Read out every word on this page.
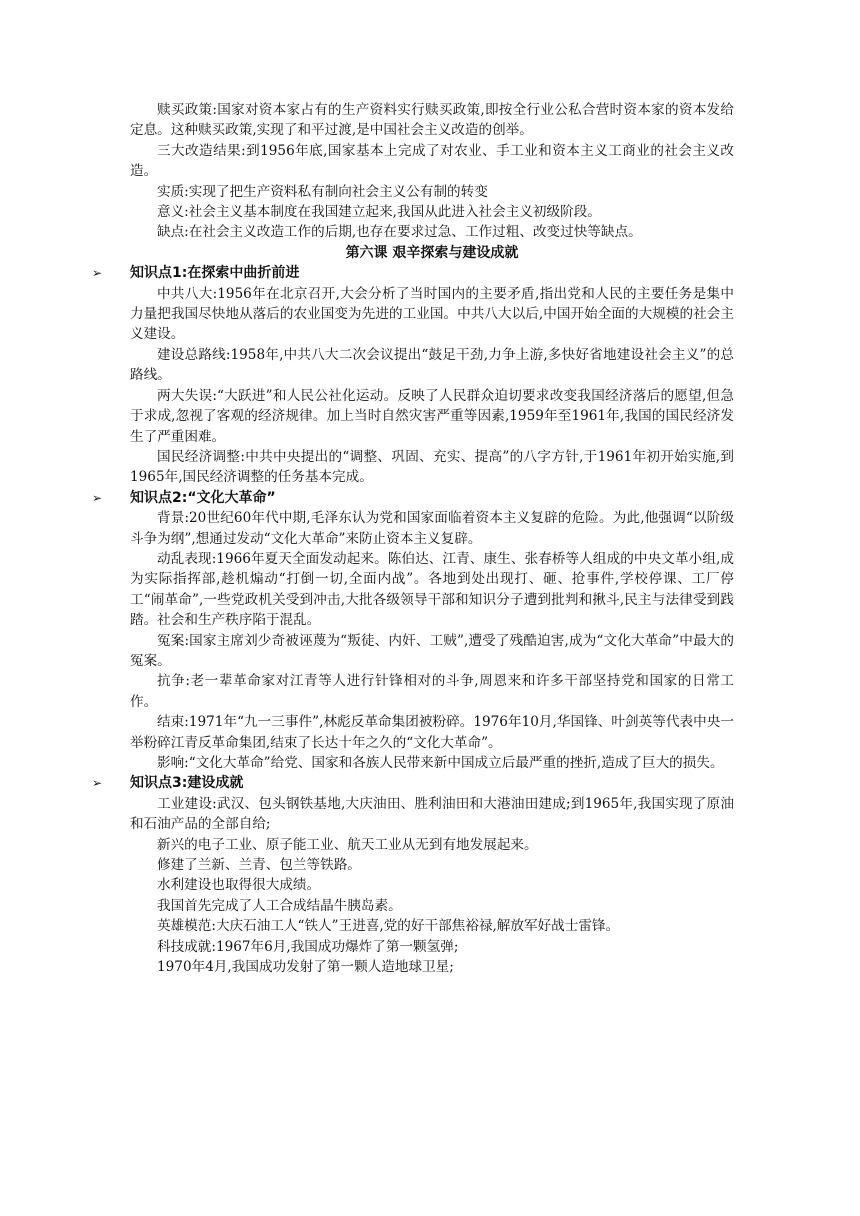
赎买政策:国家对资本家占有的生产资料实行赎买政策,即按全行业公私合营时资本家的资本发给定息。这种赎买政策,实现了和平过渡,是中国社会主义改造的创举。

三大改造结果:到1956年底,国家基本上完成了对农业、手工业和资本主义工商业的社会主义改造。

实质:实现了把生产资料私有制向社会主义公有制的转变

意义:社会主义基本制度在我国建立起来,我国从此进入社会主义初级阶段。

缺点:在社会主义改造工作的后期,也存在要求过急、工作过粗、改变过快等缺点。

第六课 艰辛探索与建设成就

➢ 知识点1:在探索中曲折前进

中共八大:1956年在北京召开,大会分析了当时国内的主要矛盾,指出党和人民的主要任务是集中力量把我国尽快地从落后的农业国变为先进的工业国。中共八大以后,中国开始全面的大规模的社会主义建设。

建设总路线:1958年,中共八大二次会议提出“鼓足干劲,力争上游,多快好省地建设社会主义”的总路线。

两大失误:“大跃进”和人民公社化运动。反映了人民群众迫切要求改变我国经济落后的愿望,但急于求成,忽视了客观的经济规律。加上当时自然灾害严重等因素,1959年至1961年,我国的国民经济发生了严重困难。

国民经济调整:中共中央提出的“调整、巩固、充实、提高”的八字方针,于1961年初开始实施,到1965年,国民经济调整的任务基本完成。

➢ 知识点2:“文化大革命”

背景:20世纪60年代中期,毛泽东认为党和国家面临着资本主义复辟的危险。为此,他强调“以阶级斗争为纲”,想通过发动“文化大革命”来防止资本主义复辟。

动乱表现:1966年夏天全面发动起来。陈伯达、江青、康生、张春桥等人组成的中央文革小组,成为实际指挥部,趁机煽动“打倒一切,全面内战”。各地到处出现打、砸、抢事件,学校停课、工厂停工“闹革命”,一些党政机关受到冲击,大批各级领导干部和知识分子遭到批判和揪斗,民主与法律受到践踏。社会和生产秩序陷于混乱。

冤案:国家主席刘少奇被诬蔑为“叛徒、内奸、工贼”,遭受了残酷迫害,成为“文化大革命”中最大的冤案。

抗争:老一辈革命家对江青等人进行针锋相对的斗争,周恩来和许多干部坚持党和国家的日常工作。

结束:1971年“九一三事件”,林彪反革命集团被粉碎。1976年10月,华国锋、叶剑英等代表中央一举粉碎江青反革命集团,结束了长达十年之久的“文化大革命”。

影响:“文化大革命”给党、国家和各族人民带来新中国成立后最严重的挫折,造成了巨大的损失。

➢ 知识点3:建设成就

工业建设:武汉、包头钢铁基地,大庆油田、胜利油田和大港油田建成;到1965年,我国实现了原油和石油产品的全部自给;

新兴的电子工业、原子能工业、航天工业从无到有地发展起来。

修建了兰新、兰青、包兰等铁路。

水利建设也取得很大成绩。

我国首先完成了人工合成结晶牛胰岛素。

英雄模范:大庆石油工人“铁人”王进喜,党的好干部焦裕禄,解放军好战士雷锋。

科技成就:1967年6月,我国成功爆炸了第一颗氢弹;

1970年4月,我国成功发射了第一颗人造地球卫星;
